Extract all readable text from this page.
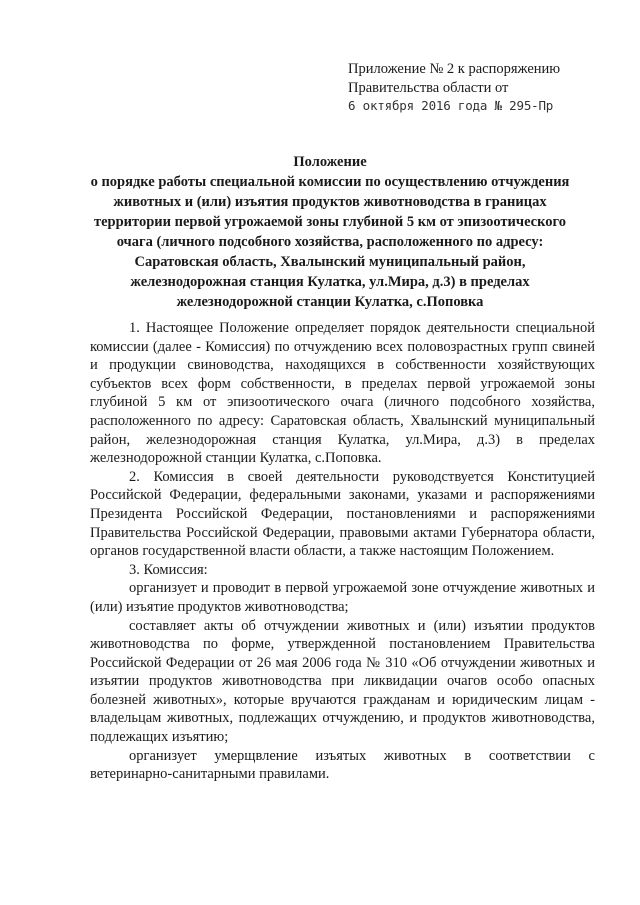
Приложение № 2 к распоряжению
Правительства области от
6 октября 2016 года № 295-Пр
Положение
о порядке работы специальной комиссии по осуществлению отчуждения
животных и (или) изъятия продуктов животноводства в границах
территории первой угрожаемой зоны глубиной 5 км от эпизоотического
очага (личного подсобного хозяйства, расположенного по адресу:
Саратовская область, Хвалынский муниципальный район,
железнодорожная станция Кулатка, ул.Мира, д.3) в пределах
железнодорожной станции Кулатка, с.Поповка

1. Настоящее Положение определяет порядок деятельности специальной комиссии (далее - Комиссия) по отчуждению всех половозрастных групп свиней и продукции свиноводства, находящихся в собственности хозяйствующих субъектов всех форм собственности, в пределах первой угрожаемой зоны глубиной 5 км от эпизоотического очага (личного подсобного хозяйства, расположенного по адресу: Саратовская область, Хвалынский муниципальный район, железнодорожная станция Кулатка, ул.Мира, д.3) в пределах железнодорожной станции Кулатка, с.Поповка.

2. Комиссия в своей деятельности руководствуется Конституцией Российской Федерации, федеральными законами, указами и распоряжениями Президента Российской Федерации, постановлениями и распоряжениями Правительства Российской Федерации, правовыми актами Губернатора области, органов государственной власти области, а также настоящим Положением.

3. Комиссия:

организует и проводит в первой угрожаемой зоне отчуждение животных и (или) изъятие продуктов животноводства;

составляет акты об отчуждении животных и (или) изъятии продуктов животноводства по форме, утвержденной постановлением Правительства Российской Федерации от 26 мая 2006 года № 310 «Об отчуждении животных и изъятии продуктов животноводства при ликвидации очагов особо опасных болезней животных», которые вручаются гражданам и юридическим лицам - владельцам животных, подлежащих отчуждению, и продуктов животноводства, подлежащих изъятию;

организует умерщвление изъятых животных в соответствии с ветеринарно-санитарными правилами.
